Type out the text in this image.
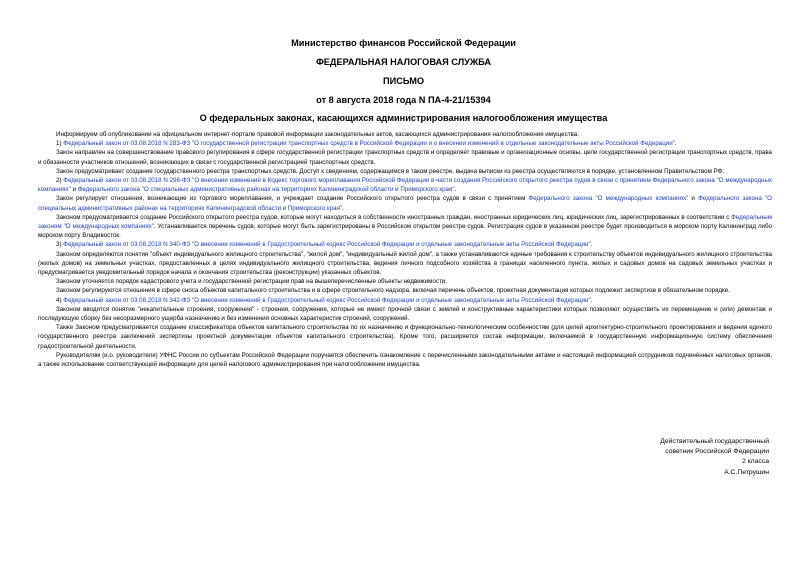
Министерство финансов Российской Федерации
ФЕДЕРАЛЬНАЯ НАЛОГОВАЯ СЛУЖБА
ПИСЬМО
от 8 августа 2018 года N ПА-4-21/15394
О федеральных законах, касающихся администрирования налогообложения имущества

Информируем об опубликовании на официальном интернет-портале правовой информации законодательных актов, касающихся администрирования налогообложения имущества:

1) Федеральный закон от 03.08.2018 N 283-ФЗ "О государственной регистрации транспортных средств в Российской Федерации и о внесении изменений в отдельные законодательные акты Российской Федерации".

Закон направлен на совершенствование правового регулирования в сфере государственной регистрации транспортных средств и определяет правовые и организационные основы, цели государственной регистрации транспортных средств, права и обязанности участников отношений, возникающих в связи с государственной регистрацией транспортных средств.

Закон предусматривает создание государственного реестра транспортных средств. Доступ к сведениям, содержащимся в таком реестре, выдача выписки из реестра осуществляются в порядке, установленном Правительством РФ.

2) Федеральный закон от 03.08.2018 N 296-ФЗ "О внесении изменений в Кодекс торгового мореплавания Российской Федерации в части создания Российского открытого реестра судов в связи с принятием Федерального закона "О международных компаниях" и Федерального закона "О специальных административных районах на территориях Калининградской области и Приморского края".

Закон регулирует отношения, возникающие из торгового мореплавания, и учреждает создание Российского открытого реестра судов в связи с принятием Федерального закона "О международных компаниях" и Федерального закона "О специальных административных районах на территориях Калининградской области и Приморского края".

Законом предусматривается создание Российского открытого реестра судов, которые могут находиться в собственности иностранных граждан, иностранных юридических лиц, юридических лиц, зарегистрированных в соответствии с Федеральным законом "О международных компаниях". Устанавливается перечень судов, которые могут быть зарегистрированы в Российском открытом реестре судов. Регистрация судов в указанном реестре будет производиться в морском порту Калининград либо морском порту Владивосток.

3) Федеральный закон от 03.08.2018 N 340-ФЗ "О внесении изменений в Градостроительный кодекс Российской Федерации и отдельные законодательные акты Российской Федерации".

Законом определяются понятия "объект индивидуального жилищного строительства", "жилой дом", "индивидуальный жилой дом", а также устанавливаются единые требования к строительству объектов индивидуального жилищного строительства (жилых домов) на земельных участках, предоставленных в целях индивидуального жилищного строительства, ведения личного подсобного хозяйства в границах населенного пункта, жилых и садовых домов на садовых земельных участках и предусматривается уведомительный порядок начала и окончания строительства (реконструкции) указанных объектов.

Законом уточняется порядок кадастрового учета и государственной регистрации прав на вышеперечисленные объекты недвижимости.

Законом регулируются отношения в сфере сноса объектов капитального строительства и в сфере строительного надзора, включая перечень объектов, проектная документация которых подлежит экспертизе в обязательном порядке.

4) Федеральный закон от 03.08.2018 N 342-ФЗ "О внесении изменений в Градостроительный кодекс Российской Федерации и отдельные законодательные акты Российской Федерации".

Законом вводится понятие "некапитальные строения, сооружения" - строения, сооружения, которые не имеют прочной связи с землей и конструктивные характеристики которых позволяют осуществить их перемещение и (или) демонтаж и последующую сборку без несоразмерного ущерба назначению и без изменения основных характеристик строений, сооружений.

Также Законом предусматривается создание классификатора объектов капитального строительства по их назначению и функционально-технологическим особенностям (для целей архитектурно-строительного проектирования и ведения единого государственного реестра заключений экспертизы проектной документации объектов капитального строительства). Кроме того, расширяется состав информации, включаемой в государственную информационную систему обеспечения градостроительной деятельности.

Руководителям (и.о. руководителя) УФНС России по субъектам Российской Федерации поручается обеспечить ознакомление с перечисленными законодательными актами и настоящей информацией сотрудников подчинённых налоговых органов, а также использование соответствующей информации для целей налогового администрирования при налогообложении имущества.

Действительный государственный
советник Российской Федерации
2 класса
А.С.Петрушин
